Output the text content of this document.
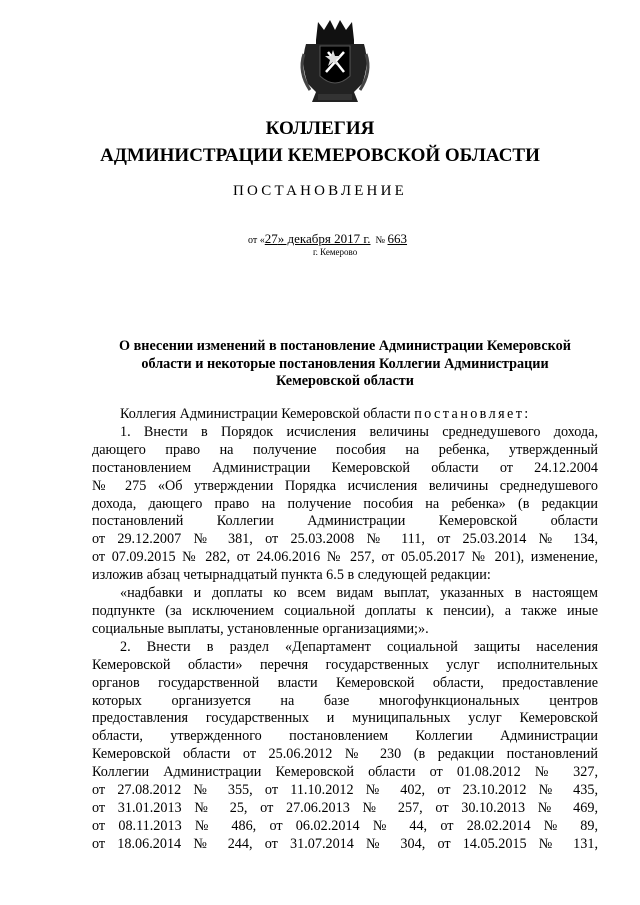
КОЛЛЕГИЯ
АДМИНИСТРАЦИИ КЕМЕРОВСКОЙ ОБЛАСТИ
ПОСТАНОВЛЕНИЕ
от «27» декабря 2017 г. № 663
г. Кемерово
О внесении изменений в постановление Администрации Кемеровской
области и некоторые постановления Коллегии Администрации
Кемеровской области

Коллегия Администрации Кемеровской области постановляет:

1. Внести в Порядок исчисления величины среднедушевого дохода,

дающего право на получение пособия на ребенка, утвержденный

постановлением Администрации Кемеровской области от 24.12.2004

№ 275 «Об утверждении Порядка исчисления величины среднедушевого

дохода, дающего право на получение пособия на ребенка» (в редакции

постановлений Коллегии Администрации Кемеровской области

от 29.12.2007 № 381, от 25.03.2008 № 111, от 25.03.2014 № 134,

от 07.09.2015 № 282, от 24.06.2016 № 257, от 05.05.2017 № 201), изменение,

изложив абзац четырнадцатый пункта 6.5 в следующей редакции:

«надбавки и доплаты ко всем видам выплат, указанных в настоящем

подпункте (за исключением социальной доплаты к пенсии), а также иные

социальные выплаты, установленные организациями;».

2. Внести в раздел «Департамент социальной защиты населения

Кемеровской области» перечня государственных услуг исполнительных

органов государственной власти Кемеровской области, предоставление

которых организуется на базе многофункциональных центров

предоставления государственных и муниципальных услуг Кемеровской

области, утвержденного постановлением Коллегии Администрации

Кемеровской области от 25.06.2012 № 230 (в редакции постановлений

Коллегии Администрации Кемеровской области от 01.08.2012 № 327,

от 27.08.2012 № 355, от 11.10.2012 № 402, от 23.10.2012 № 435,

от 31.01.2013 № 25, от 27.06.2013 № 257, от 30.10.2013 № 469,

от 08.11.2013 № 486, от 06.02.2014 № 44, от 28.02.2014 № 89,

от 18.06.2014 № 244, от 31.07.2014 № 304, от 14.05.2015 № 131,
